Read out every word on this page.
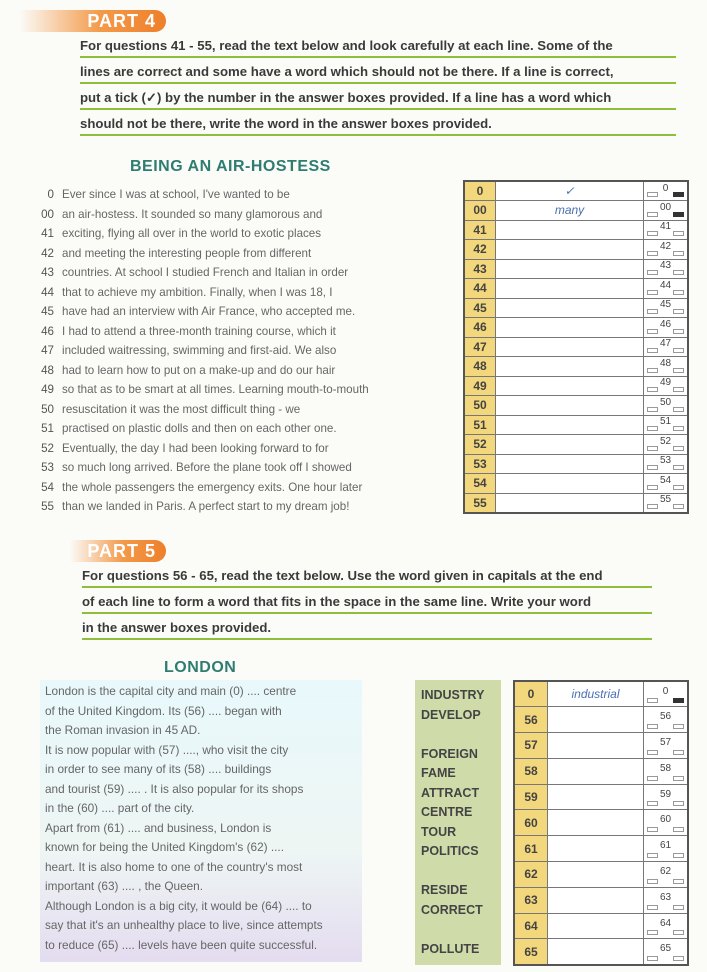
PART 4
For questions 41 - 55, read the text below and look carefully at each line. Some of the
lines are correct and some have a word which should not be there. If a line is correct,
put a tick (✓) by the number in the answer boxes provided. If a line has a word which
should not be there, write the word in the answer boxes provided.
BEING AN AIR-HOSTESS
0 Ever since I was at school, I've wanted to be
00 an air-hostess. It sounded so many glamorous and
41 exciting, flying all over in the world to exotic places
42 and meeting the interesting people from different
43 countries. At school I studied French and Italian in order
44 that to achieve my ambition. Finally, when I was 18, I
45 have had an interview with Air France, who accepted me.
46 I had to attend a three-month training course, which it
47 included waitressing, swimming and first-aid. We also
48 had to learn how to put on a make-up and do our hair
49 so that as to be smart at all times. Learning mouth-to-mouth
50 resuscitation it was the most difficult thing - we
51 practised on plastic dolls and then on each other one.
52 Eventually, the day I had been looking forward to for
53 so much long arrived. Before the plane took off I showed
54 the whole passengers the emergency exits. One hour later
55 than we landed in Paris. A perfect start to my dream job!
0	✓	0

00	many	00

41		41

42		42

43		43

44		44

45		45

46		46

47		47

48		48

49		49

50		50

51		51

52		52

53		53

54		54

55		55
PART 5
For questions 56 - 65, read the text below. Use the word given in capitals at the end
of each line to form a word that fits in the space in the same line. Write your word
in the answer boxes provided.
LONDON
London is the capital city and main (0) .... centre
of the United Kingdom. Its (56) .... began with
the Roman invasion in 45 AD.
It is now popular with (57) ...., who visit the city
in order to see many of its (58) .... buildings
and tourist (59) .... . It is also popular for its shops
in the (60) .... part of the city.
Apart from (61) .... and business, London is
known for being the United Kingdom's (62) ....
heart. It is also home to one of the country's most
important (63) .... , the Queen.
Although London is a big city, it would be (64) .... to
say that it's an unhealthy place to live, since attempts
to reduce (65) .... levels have been quite successful.
INDUSTRY
DEVELOP
FOREIGN
FAME
ATTRACT
CENTRE
TOUR
POLITICS
RESIDE
CORRECT
POLLUTE
0	industrial	0

56		56

57		57

58		58

59		59

60		60

61		61

62		62

63		63

64		64

65		65
